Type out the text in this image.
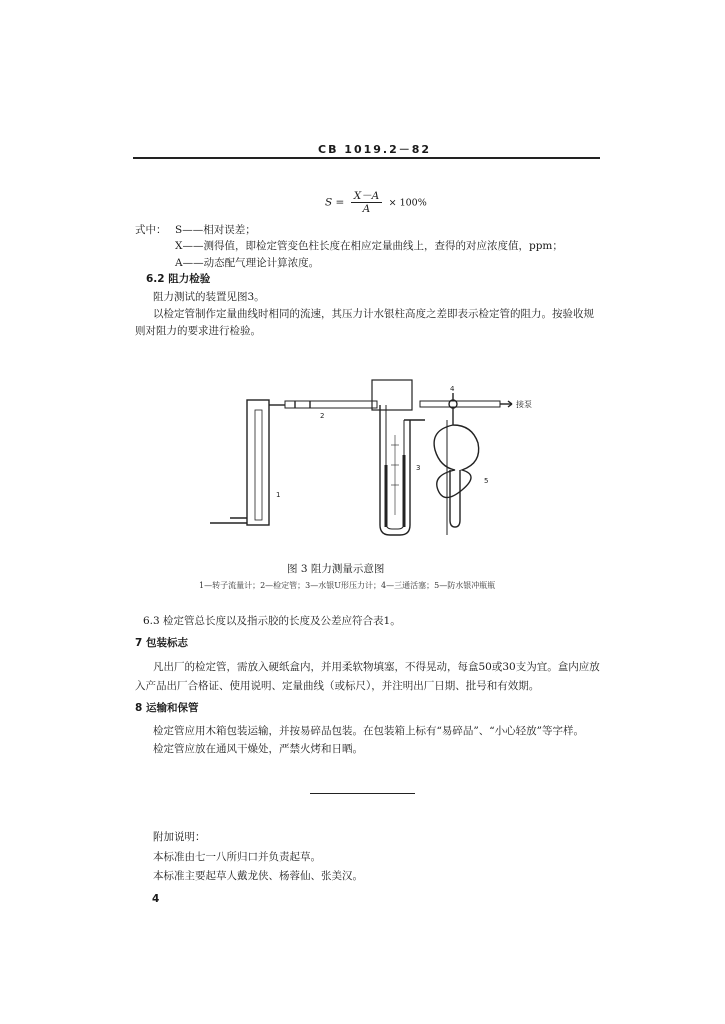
CB 1019.2－82
$S = \frac{X-A}{A} \times 100\%$
式中： S——相对误差；
X——测得值，即检定管变色柱长度在相应定量曲线上，查得的对应浓度值，ppm；
A——动态配气理论计算浓度。
6.2 阻力检验
阻力测试的装置见图3。
以检定管制作定量曲线时相同的流速，其压力计水银柱高度之差即表示检定管的阻力。按验收规
则对阻力的要求进行检验。
1
2
3
4
5
接泵
图 3 阻力测量示意图
1—转子流量计；2—检定管；3—水银U形压力计；4—三通活塞；5—防水银冲瓶瓶
6.3 检定管总长度以及指示胶的长度及公差应符合表1。
7 包装标志
凡出厂的检定管，需放入硬纸盒内，并用柔软物填塞，不得晃动，每盒50或30支为宜。盒内应放
入产品出厂合格证、使用说明、定量曲线（或标尺），并注明出厂日期、批号和有效期。
8 运输和保管
检定管应用木箱包装运输，并按易碎品包装。在包装箱上标有“易碎品”、“小心轻放”等字样。
检定管应放在通风干燥处，严禁火烤和日晒。
附加说明：
本标准由七一八所归口并负责起草。
本标准主要起草人戴龙侠、杨蓉仙、张美汉。
4
